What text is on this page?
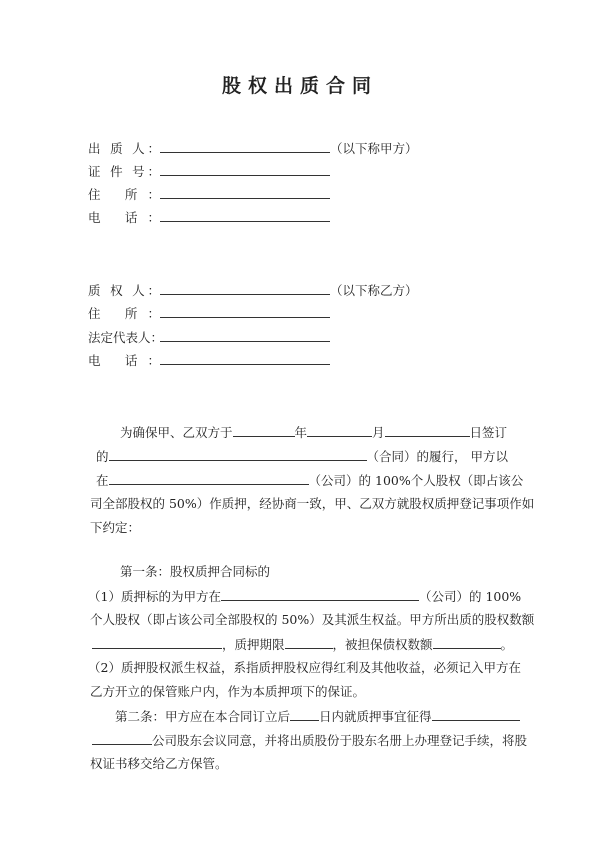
股权出质合同
出 质 人：	（以下称甲方）
证 件 号：
住 所：
电 话：
质 权 人：	（以下称乙方）
住 所：
法定代表人：
电 话：
为确保甲、乙双方于	年	月	日签订
的	（合同）的履行， 甲方以
在	（公司）的 100%个人股权（即占该公
司全部股权的 50%）作质押，经协商一致，甲、乙双方就股权质押登记事项作如
下约定：
第一条：股权质押合同标的
（1）质押标的为甲方在	（公司）的 100%
个人股权（即占该公司全部股权的 50%）及其派生权益。甲方所出质的股权数额
，质押期限	，被担保债权数额	。
（2）质押股权派生权益，系指质押股权应得红利及其他收益，必须记入甲方在
乙方开立的保管账户内，作为本质押项下的保证。
第二条：甲方应在本合同订立后 日内就质押事宜征得
公司股东会议同意，并将出质股份于股东名册上办理登记手续，将股
权证书移交给乙方保管。
